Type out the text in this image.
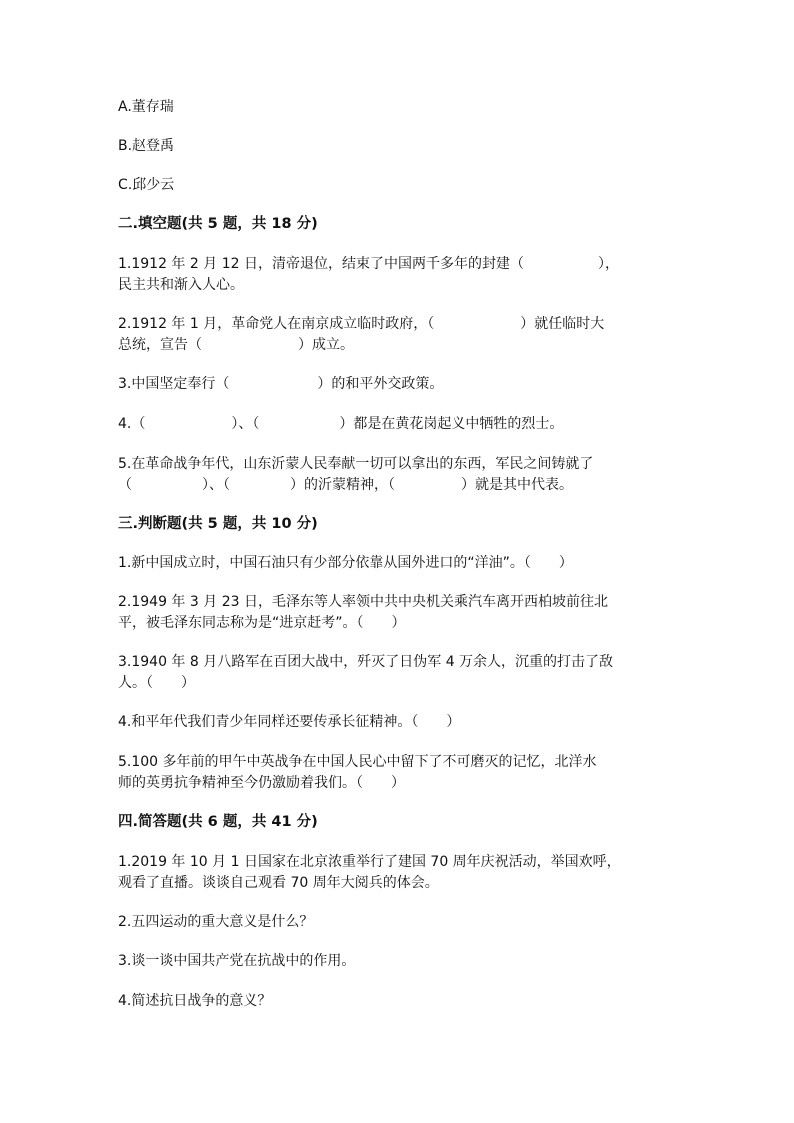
A.董存瑞
B.赵登禹
C.邱少云
二.填空题(共 5 题，共 18 分)
1.1912 年 2 月 12 日，清帝退位，结束了中国两千多年的封建（	），
民主共和渐入人心。
2.1912 年 1 月，革命党人在南京成立临时政府，（	）就任临时大
总统，宣告（	）成立。
3.中国坚定奉行（	）的和平外交政策。
4.（	）、（	）都是在黄花岗起义中牺牲的烈士。
5.在革命战争年代，山东沂蒙人民奉献一切可以拿出的东西，军民之间铸就了
（	）、（	）的沂蒙精神，（	）就是其中代表。
三.判断题(共 5 题，共 10 分)
1.新中国成立时，中国石油只有少部分依靠从国外进口的“洋油”。（　　）
2.1949 年 3 月 23 日，毛泽东等人率领中共中央机关乘汽车离开西柏坡前往北
平，被毛泽东同志称为是“进京赶考”。（　　）
3.1940 年 8 月八路军在百团大战中，歼灭了日伪军 4 万余人，沉重的打击了敌
人。（　　）
4.和平年代我们青少年同样还要传承长征精神。（　　）
5.100 多年前的甲午中英战争在中国人民心中留下了不可磨灭的记忆，北洋水
师的英勇抗争精神至今仍激励着我们。（　　）
四.简答题(共 6 题，共 41 分)
1.2019 年 10 月 1 日国家在北京浓重举行了建国 70 周年庆祝活动，举国欢呼，
观看了直播。谈谈自己观看 70 周年大阅兵的体会。
2.五四运动的重大意义是什么？
3.谈一谈中国共产党在抗战中的作用。
4.简述抗日战争的意义？
